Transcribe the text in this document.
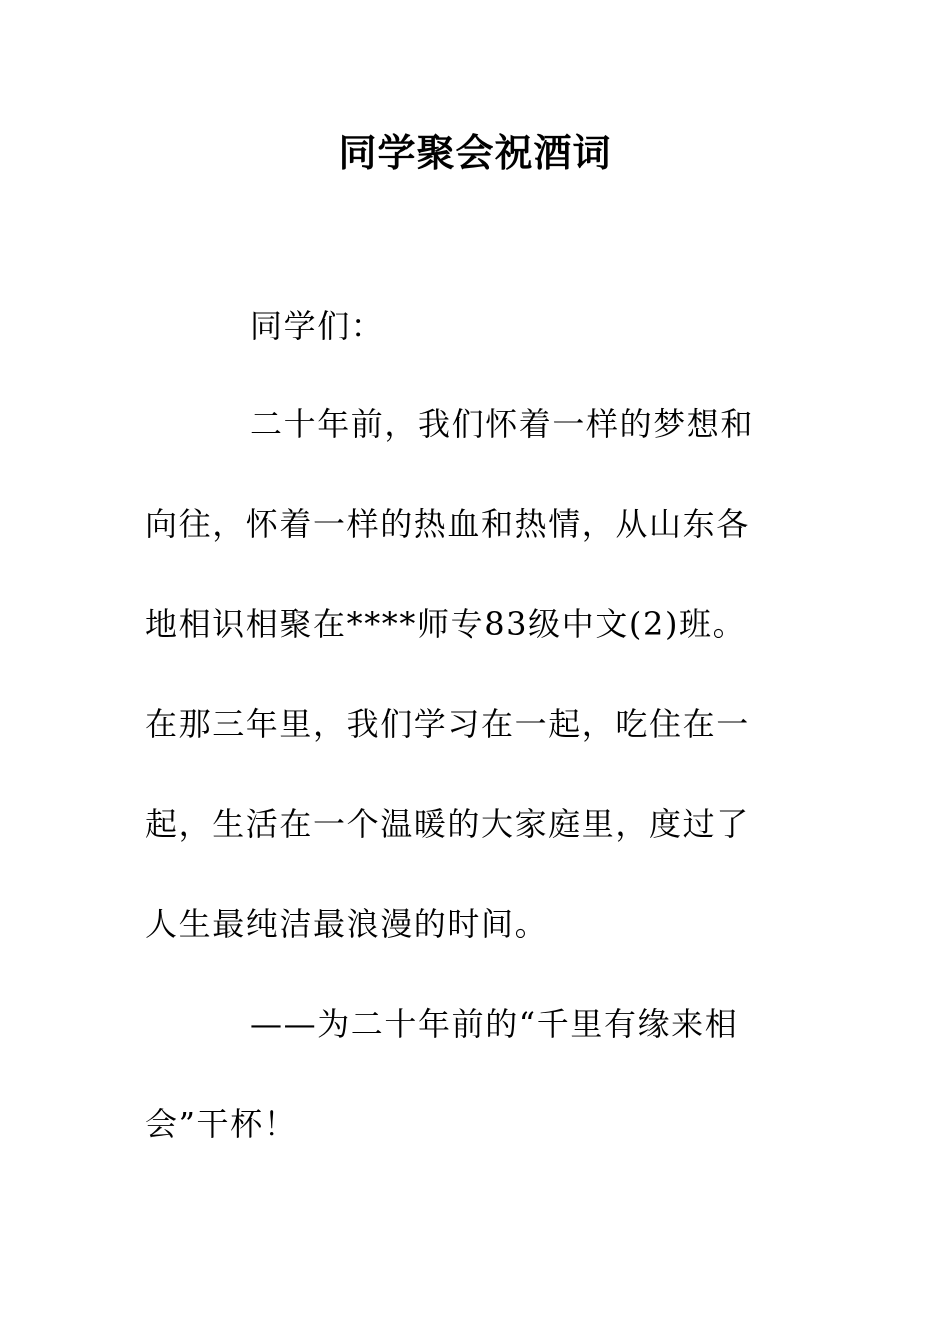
同学聚会祝酒词
同学们：
二十年前，我们怀着一样的梦想和
向往，怀着一样的热血和热情，从山东各
地相识相聚在****师专83级中文(2)班。
在那三年里，我们学习在一起，吃住在一
起，生活在一个温暖的大家庭里，度过了
人生最纯洁最浪漫的时间。
——为二十年前的“千里有缘来相
会”干杯！
